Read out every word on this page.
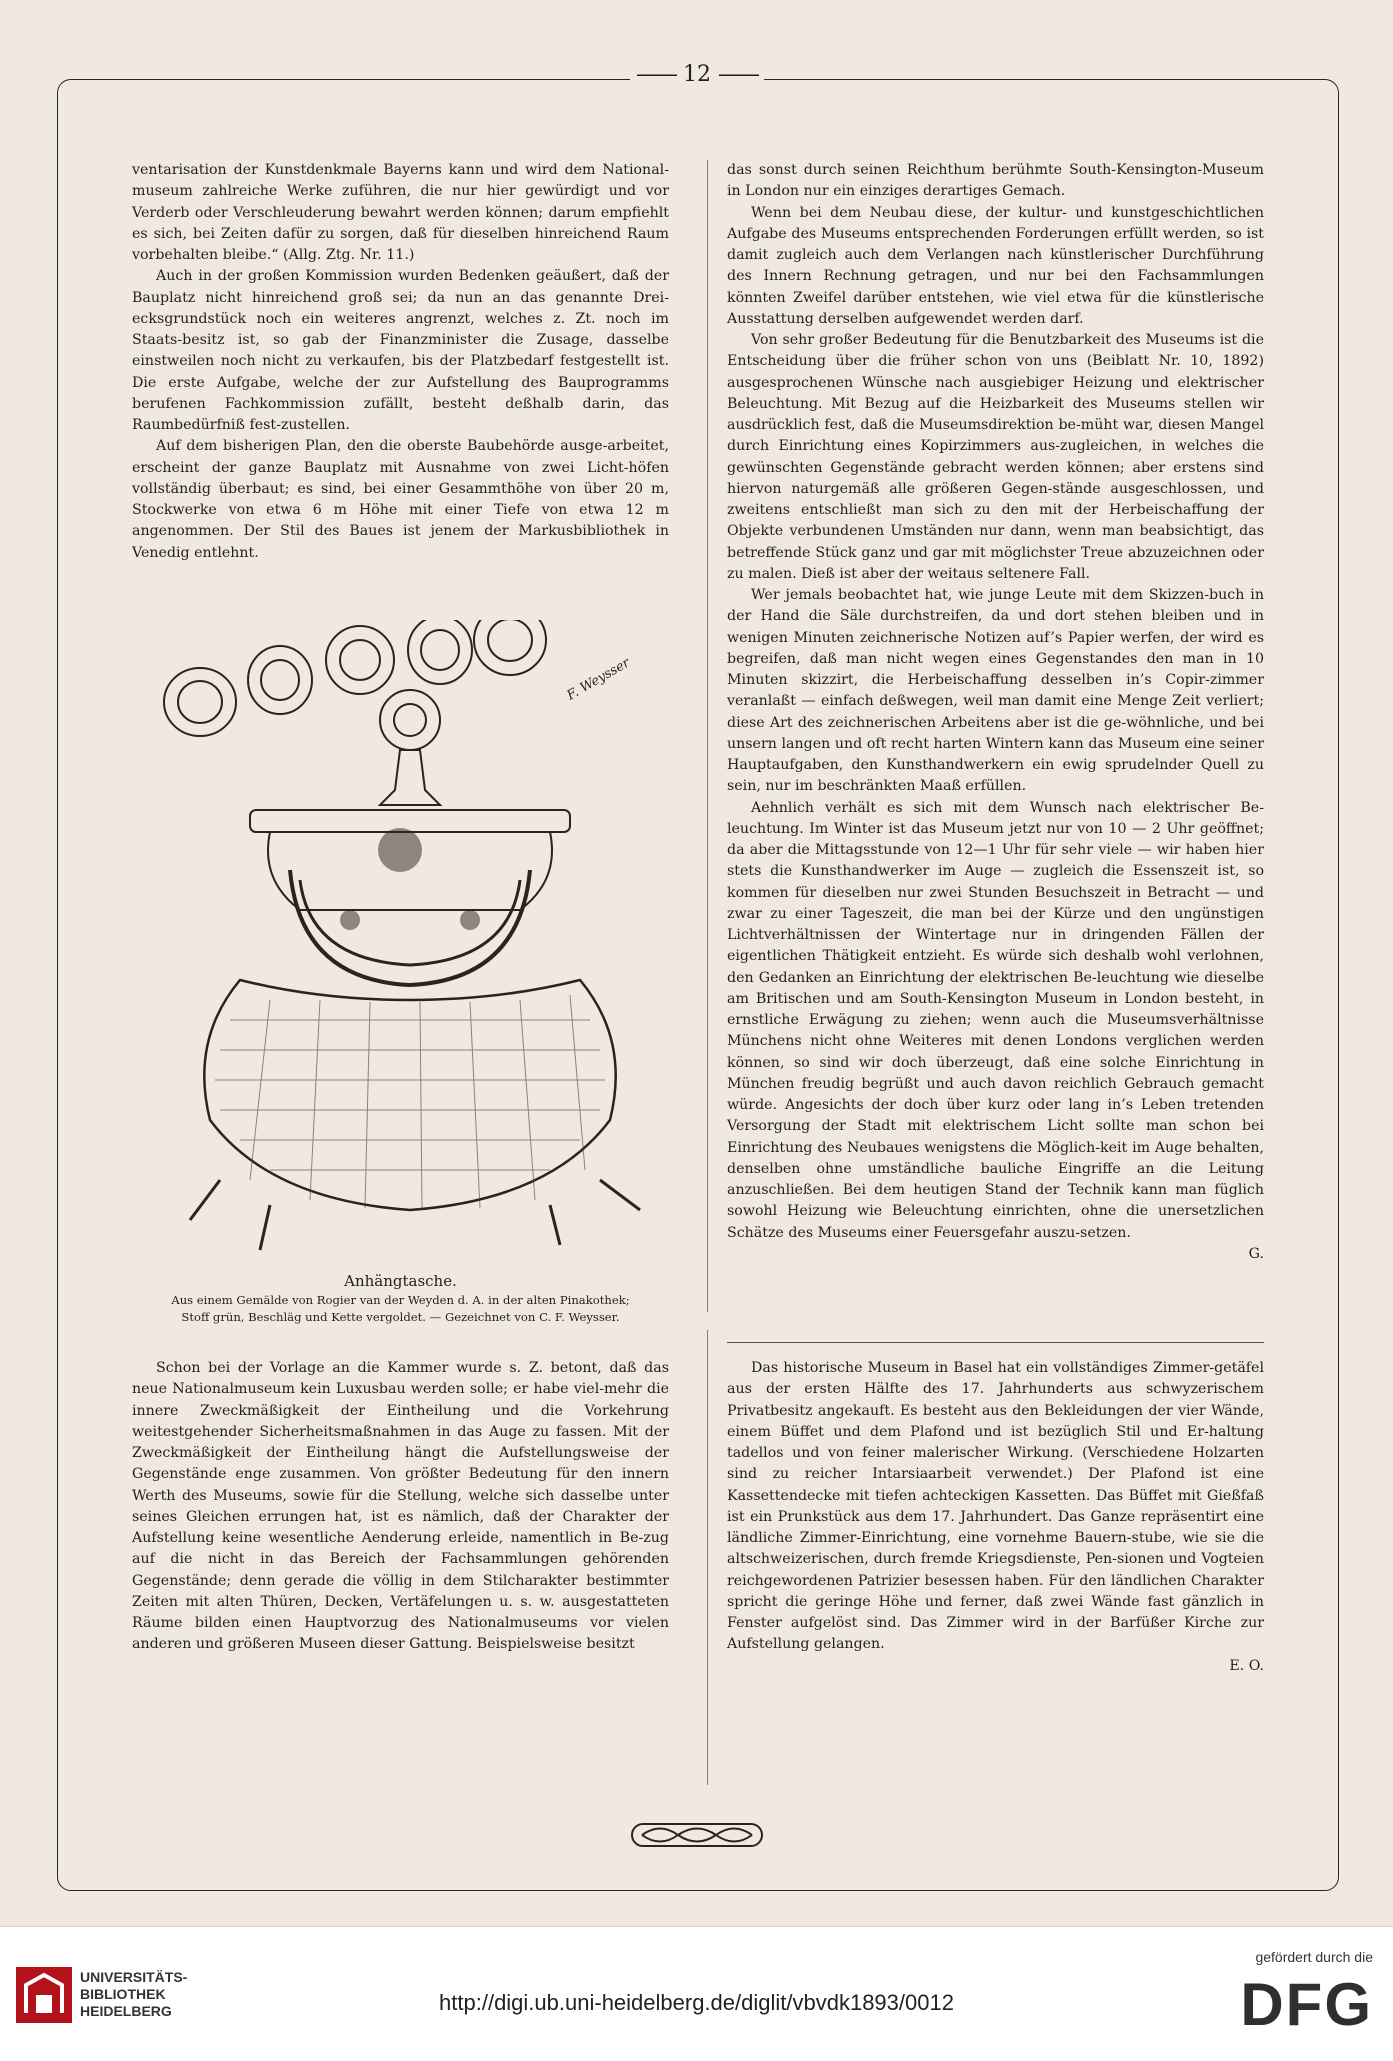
—— 12 ——

ventarisation der Kunstdenkmale Bayerns kann und wird dem National-museum zahlreiche Werke zuführen, die nur hier gewürdigt und vor Verderb oder Verschleuderung bewahrt werden können; darum empfiehlt es sich, bei Zeiten dafür zu sorgen, daß für dieselben hinreichend Raum vorbehalten bleibe.“ (Allg. Ztg. Nr. 11.)

Auch in der großen Kommission wurden Bedenken geäußert, daß der Bauplatz nicht hinreichend groß sei; da nun an das genannte Drei-ecksgrundstück noch ein weiteres angrenzt, welches z. Zt. noch im Staats-besitz ist, so gab der Finanzminister die Zusage, dasselbe einstweilen noch nicht zu verkaufen, bis der Platzbedarf festgestellt ist. Die erste Aufgabe, welche der zur Aufstellung des Bauprogramms berufenen Fachkommission zufällt, besteht deßhalb darin, das Raumbedürfniß fest-zustellen.

Auf dem bisherigen Plan, den die oberste Baubehörde ausge-arbeitet, erscheint der ganze Bauplatz mit Ausnahme von zwei Licht-höfen vollständig überbaut; es sind, bei einer Gesammthöhe von über 20 m, Stockwerke von etwa 6 m Höhe mit einer Tiefe von etwa 12 m angenommen. Der Stil des Baues ist jenem der Markusbibliothek in Venedig entlehnt.

F. Weysser
Anhängtasche.
Aus einem Gemälde von Rogier van der Weyden d. A. in der alten Pinakothek;
Stoff grün, Beschläg und Kette vergoldet. — Gezeichnet von C. F. Weysser.

Schon bei der Vorlage an die Kammer wurde s. Z. betont, daß das neue Nationalmuseum kein Luxusbau werden solle; er habe viel-mehr die innere Zweckmäßigkeit der Eintheilung und die Vorkehrung weitestgehender Sicherheitsmaßnahmen in das Auge zu fassen. Mit der Zweckmäßigkeit der Eintheilung hängt die Aufstellungsweise der Gegenstände enge zusammen. Von größter Bedeutung für den innern Werth des Museums, sowie für die Stellung, welche sich dasselbe unter seines Gleichen errungen hat, ist es nämlich, daß der Charakter der Aufstellung keine wesentliche Aenderung erleide, namentlich in Be-zug auf die nicht in das Bereich der Fachsammlungen gehörenden Gegenstände; denn gerade die völlig in dem Stilcharakter bestimmter Zeiten mit alten Thüren, Decken, Vertäfelungen u. s. w. ausgestatteten Räume bilden einen Hauptvorzug des Nationalmuseums vor vielen anderen und größeren Museen dieser Gattung. Beispielsweise besitzt

das sonst durch seinen Reichthum berühmte South-Kensington-Museum in London nur ein einziges derartiges Gemach.

Wenn bei dem Neubau diese, der kultur- und kunstgeschichtlichen Aufgabe des Museums entsprechenden Forderungen erfüllt werden, so ist damit zugleich auch dem Verlangen nach künstlerischer Durchführung des Innern Rechnung getragen, und nur bei den Fachsammlungen könnten Zweifel darüber entstehen, wie viel etwa für die künstlerische Ausstattung derselben aufgewendet werden darf.

Von sehr großer Bedeutung für die Benutzbarkeit des Museums ist die Entscheidung über die früher schon von uns (Beiblatt Nr. 10, 1892) ausgesprochenen Wünsche nach ausgiebiger Heizung und elektrischer Beleuchtung. Mit Bezug auf die Heizbarkeit des Museums stellen wir ausdrücklich fest, daß die Museumsdirektion be-müht war, diesen Mangel durch Einrichtung eines Kopirzimmers aus-zugleichen, in welches die gewünschten Gegenstände gebracht werden können; aber erstens sind hiervon naturgemäß alle größeren Gegen-stände ausgeschlossen, und zweitens entschließt man sich zu den mit der Herbeischaffung der Objekte verbundenen Umständen nur dann, wenn man beabsichtigt, das betreffende Stück ganz und gar mit möglichster Treue abzuzeichnen oder zu malen. Dieß ist aber der weitaus seltenere Fall.

Wer jemals beobachtet hat, wie junge Leute mit dem Skizzen-buch in der Hand die Säle durchstreifen, da und dort stehen bleiben und in wenigen Minuten zeichnerische Notizen auf’s Papier werfen, der wird es begreifen, daß man nicht wegen eines Gegenstandes den man in 10 Minuten skizzirt, die Herbeischaffung desselben in’s Copir-zimmer veranlaßt — einfach deßwegen, weil man damit eine Menge Zeit verliert; diese Art des zeichnerischen Arbeitens aber ist die ge-wöhnliche, und bei unsern langen und oft recht harten Wintern kann das Museum eine seiner Hauptaufgaben, den Kunsthandwerkern ein ewig sprudelnder Quell zu sein, nur im beschränkten Maaß erfüllen.

Aehnlich verhält es sich mit dem Wunsch nach elektrischer Be-leuchtung. Im Winter ist das Museum jetzt nur von 10 — 2 Uhr geöffnet; da aber die Mittagsstunde von 12—1 Uhr für sehr viele — wir haben hier stets die Kunsthandwerker im Auge — zugleich die Essenszeit ist, so kommen für dieselben nur zwei Stunden Besuchszeit in Betracht — und zwar zu einer Tageszeit, die man bei der Kürze und den ungünstigen Lichtverhältnissen der Wintertage nur in dringenden Fällen der eigentlichen Thätigkeit entzieht. Es würde sich deshalb wohl verlohnen, den Gedanken an Einrichtung der elektrischen Be-leuchtung wie dieselbe am Britischen und am South-Kensington Museum in London besteht, in ernstliche Erwägung zu ziehen; wenn auch die Museumsverhältnisse Münchens nicht ohne Weiteres mit denen Londons verglichen werden können, so sind wir doch überzeugt, daß eine solche Einrichtung in München freudig begrüßt und auch davon reichlich Gebrauch gemacht würde. Angesichts der doch über kurz oder lang in’s Leben tretenden Versorgung der Stadt mit elektrischem Licht sollte man schon bei Einrichtung des Neubaues wenigstens die Möglich-keit im Auge behalten, denselben ohne umständliche bauliche Eingriffe an die Leitung anzuschließen. Bei dem heutigen Stand der Technik kann man füglich sowohl Heizung wie Beleuchtung einrichten, ohne die unersetzlichen Schätze des Museums einer Feuersgefahr auszu-setzen.

G.

Das historische Museum in Basel hat ein vollständiges Zimmer-getäfel aus der ersten Hälfte des 17. Jahrhunderts aus schwyzerischem Privatbesitz angekauft. Es besteht aus den Bekleidungen der vier Wände, einem Büffet und dem Plafond und ist bezüglich Stil und Er-haltung tadellos und von feiner malerischer Wirkung. (Verschiedene Holzarten sind zu reicher Intarsiaarbeit verwendet.) Der Plafond ist eine Kassettendecke mit tiefen achteckigen Kassetten. Das Büffet mit Gießfaß ist ein Prunkstück aus dem 17. Jahrhundert. Das Ganze repräsentirt eine ländliche Zimmer-Einrichtung, eine vornehme Bauern-stube, wie sie die altschweizerischen, durch fremde Kriegsdienste, Pen-sionen und Vogteien reichgewordenen Patrizier besessen haben. Für den ländlichen Charakter spricht die geringe Höhe und ferner, daß zwei Wände fast gänzlich in Fenster aufgelöst sind. Das Zimmer wird in der Barfüßer Kirche zur Aufstellung gelangen.

E. O.

UNIVERSITÄTS-
BIBLIOTHEK
HEIDELBERG	http://digi.ub.uni-heidelberg.de/diglit/vbvdk1893/0012
gefördert durch die
DFG
